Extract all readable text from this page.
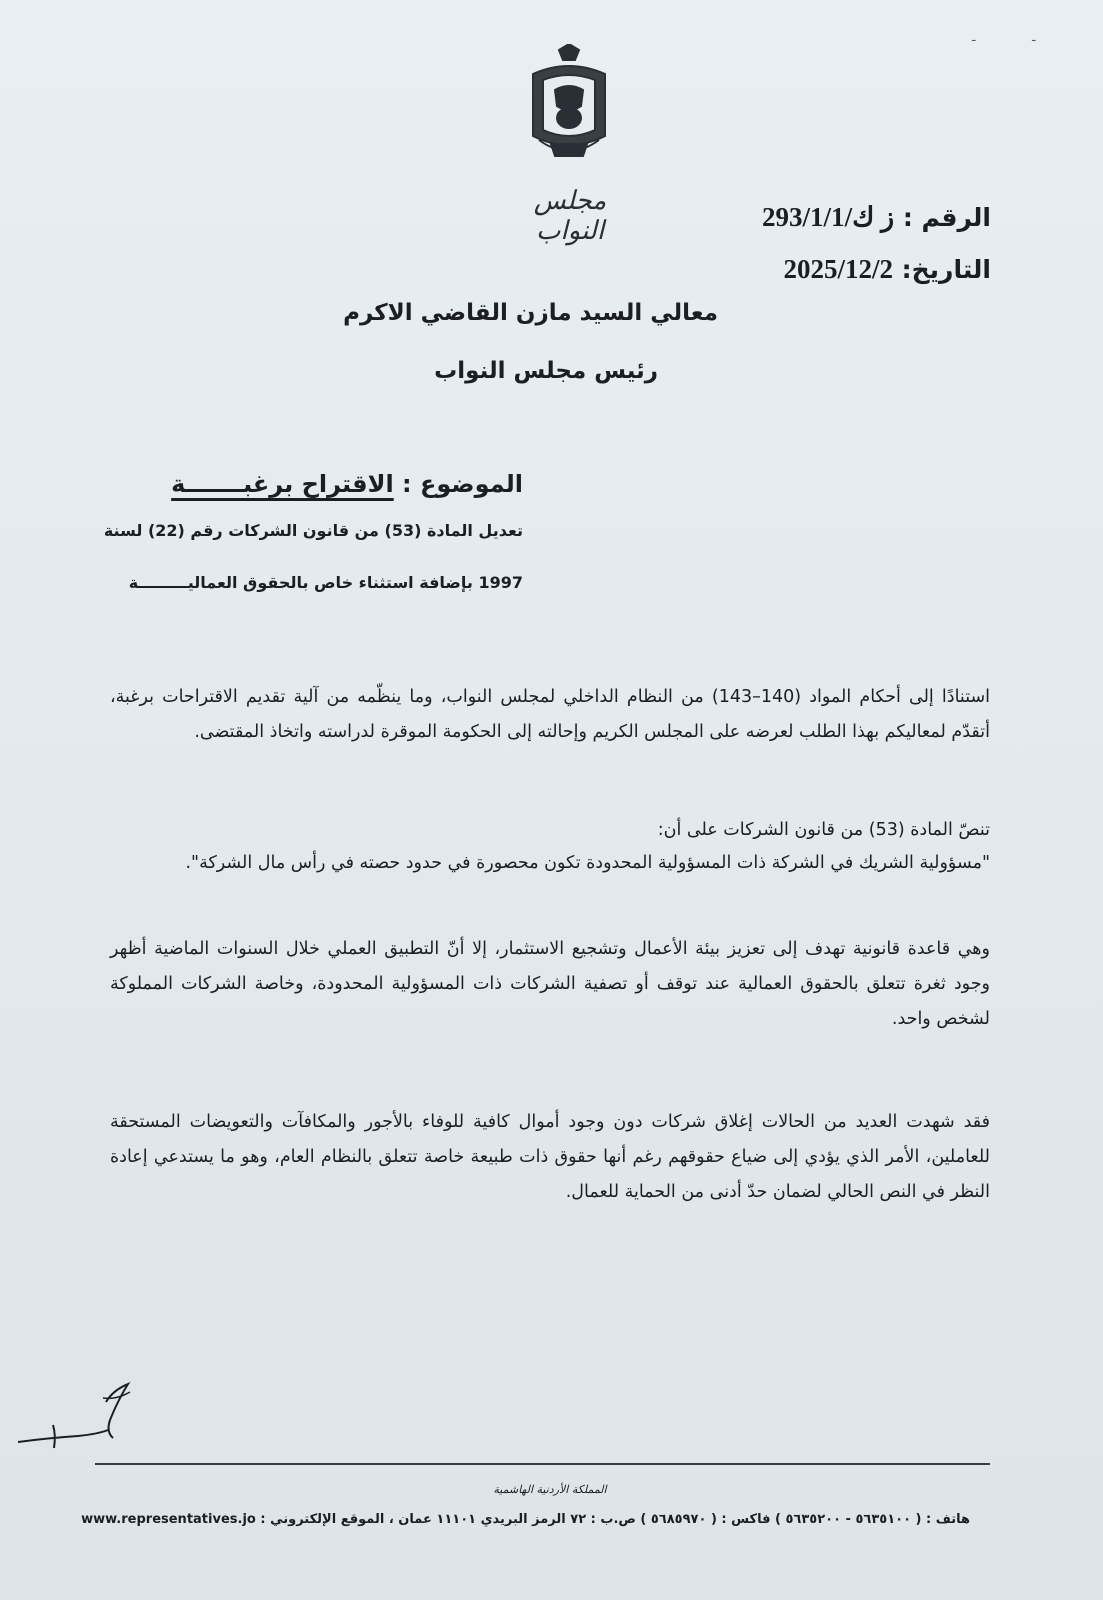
ـ	ـ
مجلس النواب	الرقم : ز ك/293/1/1
التاريخ: 2025/12/2
معالي السيد مازن القاضي الاكرم
رئيس مجلس النواب
الموضوع : الاقتراح برغبـــــــة
تعديل المادة (53) من قانون الشركات رقم (22) لسنة
1997 بإضافة استثناء خاص بالحقوق العماليـــــــــة
استنادًا إلى أحكام المواد (140–143) من النظام الداخلي لمجلس النواب، وما ينظّمه من آلية تقديم الاقتراحات برغبة، أتقدّم لمعاليكم بهذا الطلب لعرضه على المجلس الكريم وإحالته إلى الحكومة الموقرة لدراسته واتخاذ المقتضى.
تنصّ المادة (53) من قانون الشركات على أن:
"مسؤولية الشريك في الشركة ذات المسؤولية المحدودة تكون محصورة في حدود حصته في رأس مال الشركة".
وهي قاعدة قانونية تهدف إلى تعزيز بيئة الأعمال وتشجيع الاستثمار، إلا أنّ التطبيق العملي خلال السنوات الماضية أظهر وجود ثغرة تتعلق بالحقوق العمالية عند توقف أو تصفية الشركات ذات المسؤولية المحدودة، وخاصة الشركات المملوكة لشخص واحد.
فقد شهدت العديد من الحالات إغلاق شركات دون وجود أموال كافية للوفاء بالأجور والمكافآت والتعويضات المستحقة للعاملين، الأمر الذي يؤدي إلى ضياع حقوقهم رغم أنها حقوق ذات طبيعة خاصة تتعلق بالنظام العام، وهو ما يستدعي إعادة النظر في النص الحالي لضمان حدّ أدنى من الحماية للعمال.
المملكة الأردنية الهاشمية
هاتف : ( ٥٦٣٥١٠٠ - ٥٦٣٥٢٠٠ ) فاكس : ( ٥٦٨٥٩٧٠ ) ص.ب : ٧٢ الرمز البريدي ١١١٠١ عمان ، الموقع الإلكتروني : www.representatives.jo
